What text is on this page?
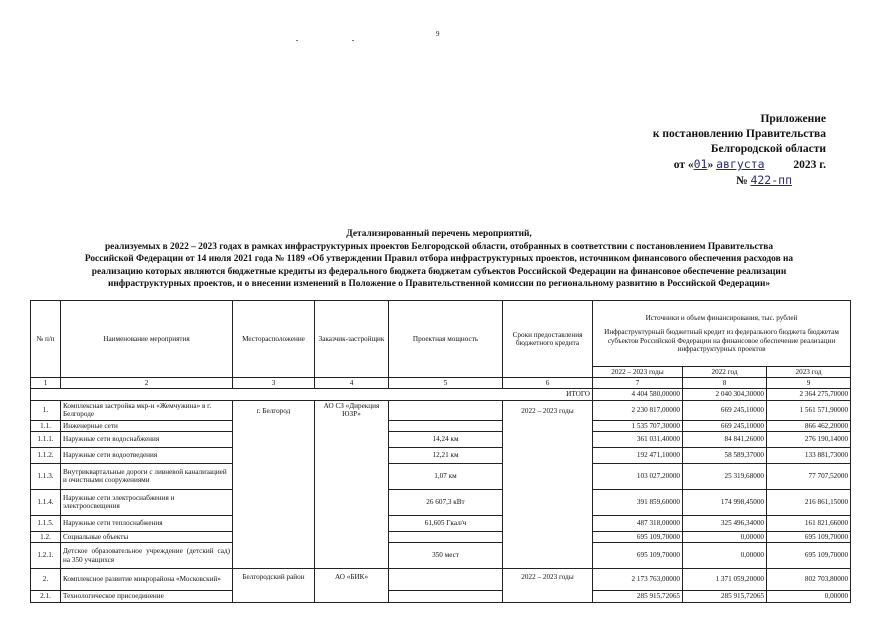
9
Приложение
к постановлению Правительства
Белгородской области
от «01» августа	2023 г.
№ 422-пп
Детализированный перечень мероприятий,
реализуемых в 2022 – 2023 годах в рамках инфраструктурных проектов Белгородской области, отобранных в соответствии с постановлением Правительства
Российской Федерации от 14 июля 2021 года № 1189 «Об утверждении Правил отбора инфраструктурных проектов, источником финансового обеспечения расходов на
реализацию которых являются бюджетные кредиты из федерального бюджета бюджетам субъектов Российской Федерации на финансовое обеспечение реализации
инфраструктурных проектов, и о внесении изменений в Положение о Правительственной комиссии по региональному развитию в Российской Федерации»
№ п/п	Наименование мероприятия	Месторасположение	Заказчик-застройщик	Проектная мощность	Сроки предоставления бюджетного кредита	Источники и объем финансирования, тыс. рублей
Инфраструктурный бюджетный кредит из федерального бюджета бюджетам субъектов Российской Федерации на финансовое обеспечение реализации инфраструктурных проектов		

						2022 – 2023 годы	2022 год	2023 год
1	2	3	4	5	6	7	8	9
ИТОГО						4 404 580,00000	2 040 304,30000	2 364 275,70000
1.	Комплексная застройка мкр-н «Жемчужина» в г. Белгороде	г. Белгород	АО СЗ «Дирекция ЮЗР»		2022 – 2023 годы	2 230 817,00000	669 245,10000	1 561 571,90000
1.1.	Инженерные сети					1 535 707,30000	669 245,10000	866 462,20000
1.1.1.	Наружные сети водоснабжения			14,24 км		361 031,40000	84 841,26000	276 190,14000
1.1.2.	Наружные сети водоотведения			12,21 км		192 471,10000	58 589,37000	133 881,73000
1.1.3.	Внутриквартальные дороги с ливневой канализацией и очистными сооружениями			1,07 км		103 027,20000	25 319,68000	77 707,52000
1.1.4.	Наружные сети электроснабжения и электроосвещения			26 607,3 кВт		391 859,60000	174 998,45000	216 861,15000
1.1.5.	Наружные сети теплоснабжения			61,605 Гкал/ч		487 318,00000	325 496,34000	161 821,66000
1.2.	Социальные объекты					695 109,70000	0,00000	695 109,70000
1.2.1.	Детское образовательное учреждение (детский сад) на 350 учащихся			350 мест		695 109,70000	0,00000	695 109,70000
2.	Комплексное развитие микрорайона «Московский»	Белгородский район	АО «БИК»		2022 – 2023 годы	2 173 763,00000	1 371 059,20000	802 703,80000
2.1.	Технологическое присоединение					285 915,72065	285 915,72065	0,00000
